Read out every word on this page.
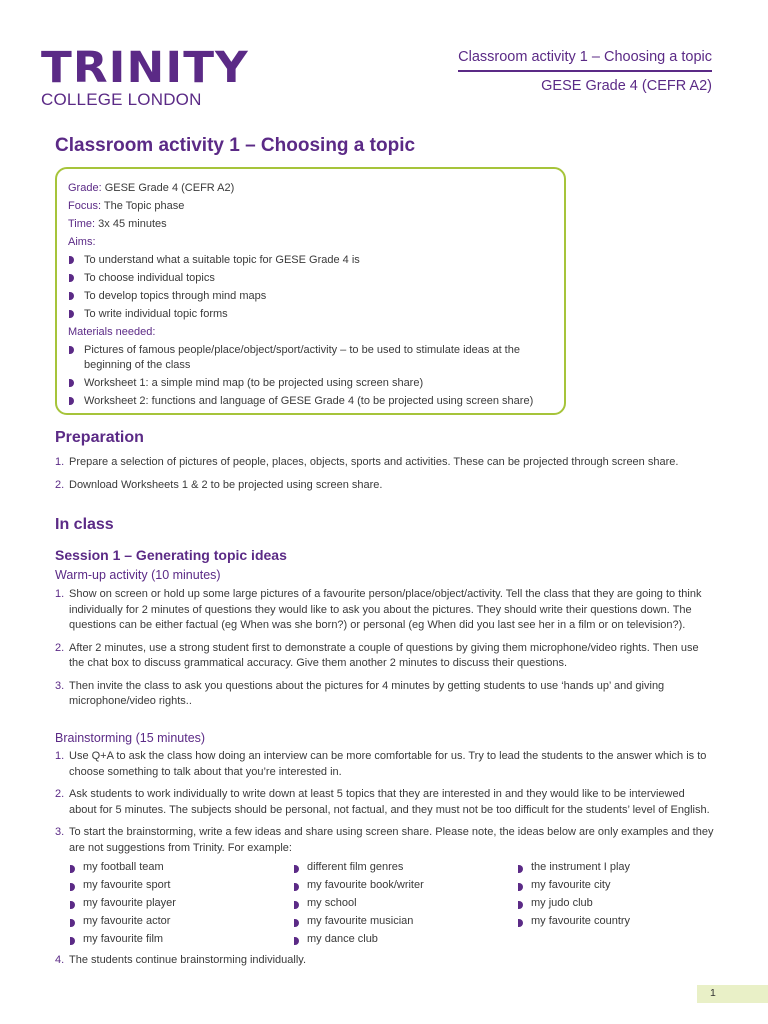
TRINITY
COLLEGE LONDON
Classroom activity 1 – Choosing a topic
GESE Grade 4 (CEFR A2)
Classroom activity 1 – Choosing a topic
Grade: GESE Grade 4 (CEFR A2)
Focus: The Topic phase
Time: 3x 45 minutes
Aims:
To understand what a suitable topic for GESE Grade 4 is
To choose individual topics
To develop topics through mind maps
To write individual topic forms
Materials needed:
Pictures of famous people/place/object/sport/activity – to be used to stimulate ideas at the beginning of the class
Worksheet 1: a simple mind map (to be projected using screen share)
Worksheet 2: functions and language of GESE Grade 4 (to be projected using screen share)
Preparation
1. Prepare a selection of pictures of people, places, objects, sports and activities. These can be projected through screen share.
2. Download Worksheets 1 & 2 to be projected using screen share.
In class
Session 1 – Generating topic ideas
Warm-up activity (10 minutes)
1. Show on screen or hold up some large pictures of a favourite person/place/object/activity. Tell the class that they are going to think individually for 2 minutes of questions they would like to ask you about the pictures. They should write their questions down. The questions can be either factual (eg When was she born?) or personal (eg When did you last see her in a film or on television?).
2. After 2 minutes, use a strong student first to demonstrate a couple of questions by giving them microphone/video rights. Then use the chat box to discuss grammatical accuracy. Give them another 2 minutes to discuss their questions.
3. Then invite the class to ask you questions about the pictures for 4 minutes by getting students to use ‘hands up’ and giving microphone/video rights..
Brainstorming (15 minutes)
1. Use Q+A to ask the class how doing an interview can be more comfortable for us. Try to lead the students to the answer which is to choose something to talk about that you’re interested in.
2. Ask students to work individually to write down at least 5 topics that they are interested in and they would like to be interviewed about for 5 minutes. The subjects should be personal, not factual, and they must not be too difficult for the students’ level of English.
3. To start the brainstorming, write a few ideas and share using screen share. Please note, the ideas below are only examples and they are not suggestions from Trinity. For example:
my football team
my favourite sport
my favourite player
my favourite actor
my favourite film
different film genres
my favourite book/writer
my school
my favourite musician
my dance club
the instrument I play
my favourite city
my judo club
my favourite country
4. The students continue brainstorming individually.
1
